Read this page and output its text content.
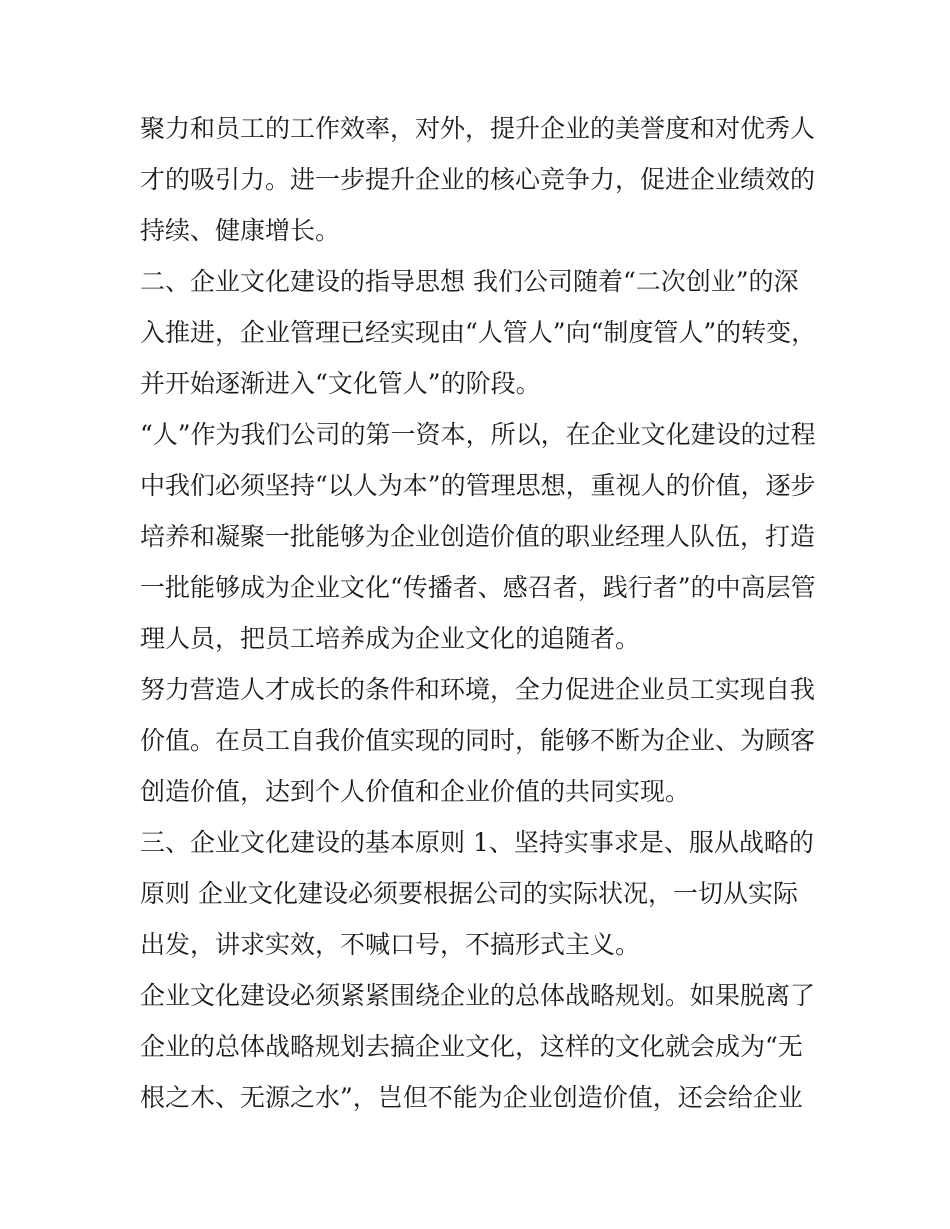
聚力和员工的工作效率，对外，提升企业的美誉度和对优秀人
才的吸引力。进一步提升企业的核心竞争力，促进企业绩效的
持续、健康增长。
二、企业文化建设的指导思想 我们公司随着“二次创业”的深
入推进，企业管理已经实现由“人管人”向“制度管人”的转变，
并开始逐渐进入“文化管人”的阶段。
“人”作为我们公司的第一资本，所以，在企业文化建设的过程
中我们必须坚持“以人为本”的管理思想，重视人的价值，逐步
培养和凝聚一批能够为企业创造价值的职业经理人队伍，打造
一批能够成为企业文化“传播者、感召者，践行者”的中高层管
理人员，把员工培养成为企业文化的追随者。
努力营造人才成长的条件和环境，全力促进企业员工实现自我
价值。在员工自我价值实现的同时，能够不断为企业、为顾客
创造价值，达到个人价值和企业价值的共同实现。
三、企业文化建设的基本原则 1、坚持实事求是、服从战略的
原则 企业文化建设必须要根据公司的实际状况，一切从实际
出发，讲求实效，不喊口号，不搞形式主义。
企业文化建设必须紧紧围绕企业的总体战略规划。如果脱离了
企业的总体战略规划去搞企业文化，这样的文化就会成为“无
根之木、无源之水”，岂但不能为企业创造价值，还会给企业
